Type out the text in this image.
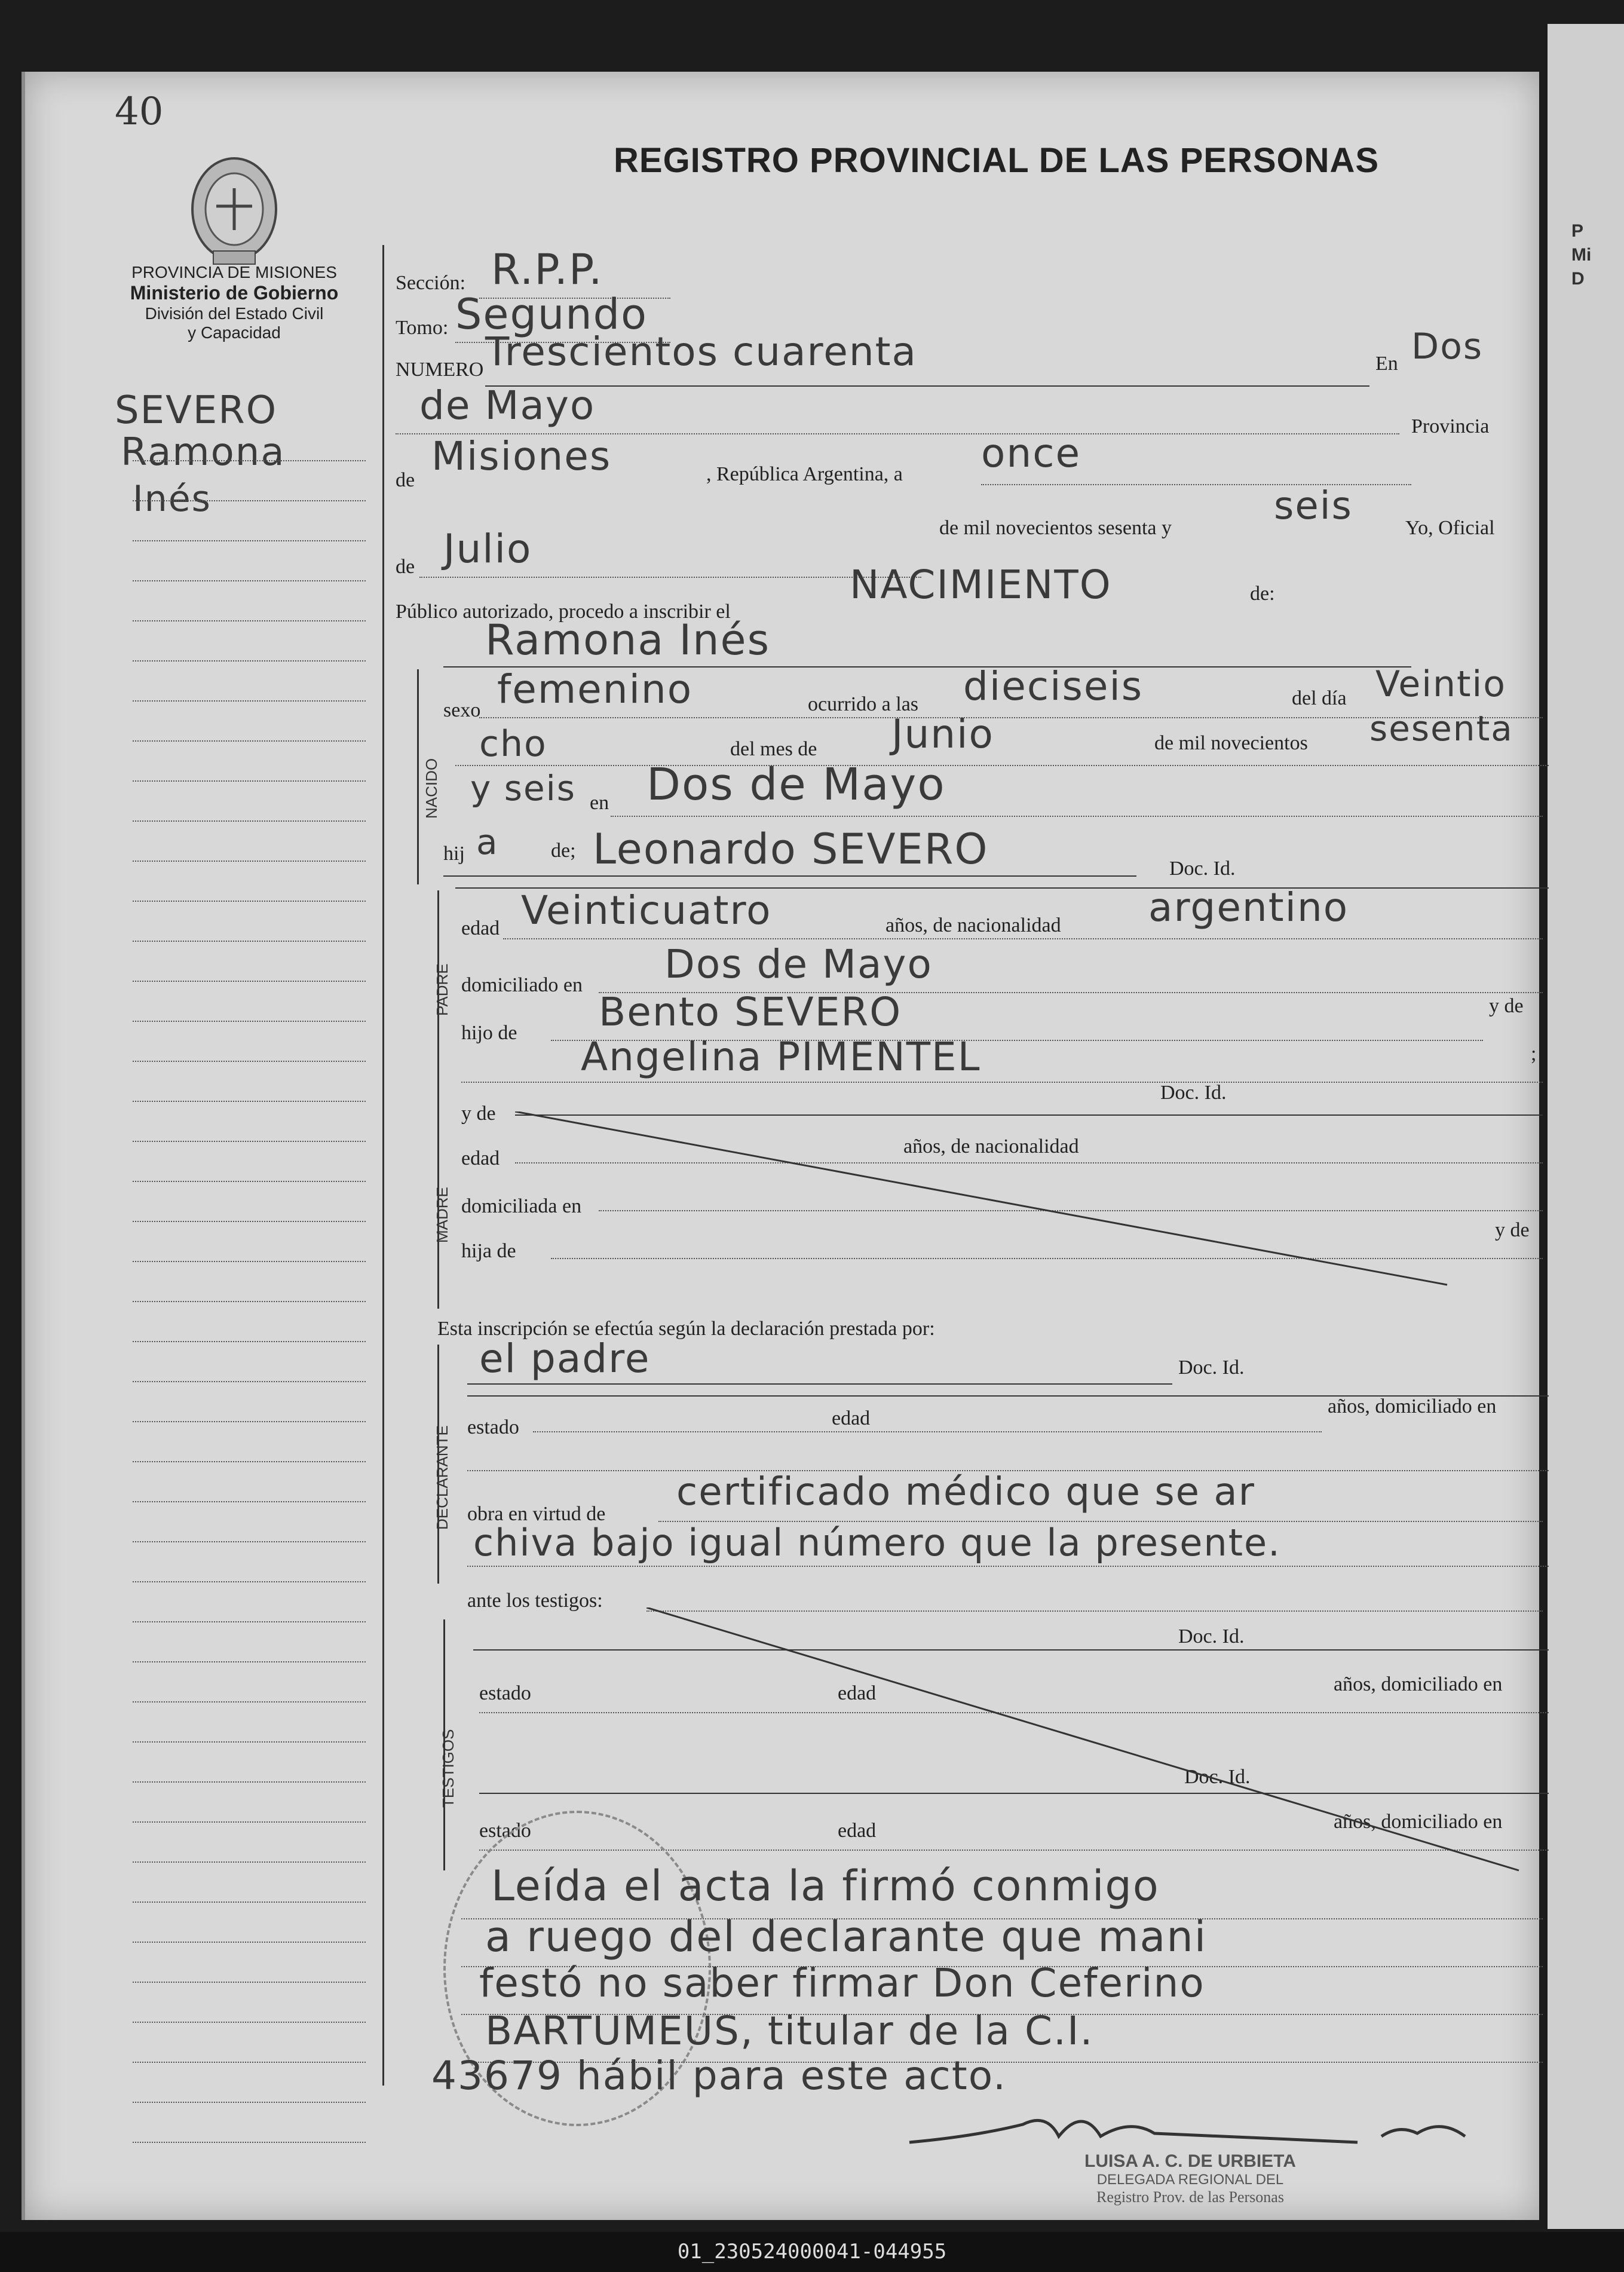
P
Mi
D
40
REGISTRO PROVINCIAL DE LAS PERSONAS
PROVINCIA DE MISIONES
Ministerio de Gobierno
División del Estado Civil
y Capacidad
SEVERO
Ramona
Inés
Sección: R.P.P.
Tomo: Segundo
NUMERO Trescientos cuarenta	En Dos
de Mayo	Provincia
de
Misiones	, República Argentina, a once
de mil novecientos sesenta y	seis	Yo, Oficial
de Julio
Público autorizado, procedo a inscribir el
NACIMIENTO	de:
Ramona Inés
NACIDO
sexo femenino	ocurrido a las dieciseis	del día Veintio
cho	del mes de Junio	de mil novecientos sesenta
y seis en Dos de Mayo
hij a	de; Leonardo SEVERO	Doc. Id.
PADRE
edad Veinticuatro	años, de nacionalidad argentino
domiciliado en Dos de Mayo
hijo de Bento SEVERO	y de
Angelina PIMENTEL	;
Doc. Id.
MADRE
y de
edad
años, de nacionalidad
domiciliada en
hija de
y de
Esta inscripción se efectúa según la declaración prestada por:
DECLARANTE
el padre	Doc. Id.
estado	edad
años, domiciliado en
obra en virtud de certificado médico que se ar
chiva bajo igual número que la presente.
ante los testigos:
TESTIGOS
Doc. Id.
estado	edad	años, domiciliado en
Doc. Id.
estado	edad	años, domiciliado en
Leída el acta la firmó conmigo
a ruego del declarante que mani
festó no saber firmar Don Ceferino
BARTUMEUS, titular de la C.I.
43679 hábil para este acto.
LUISA A. C. DE URBIETA
DELEGADA REGIONAL DEL
Registro Prov. de las Personas
01_230524000041-044955
